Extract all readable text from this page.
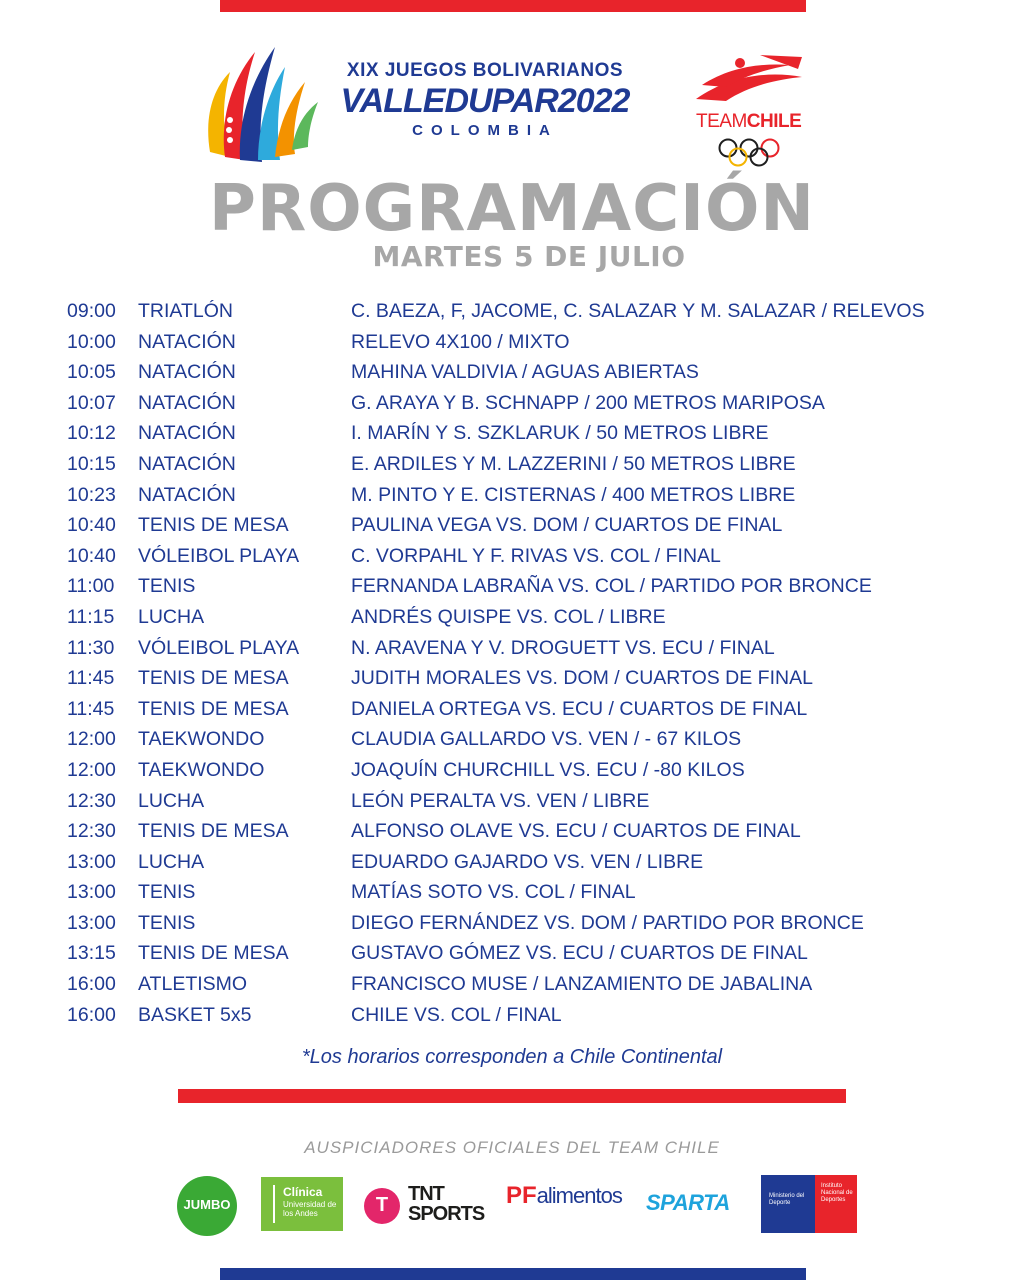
XIX JUEGOS BOLIVARIANOS
VALLEDUPAR2022
COLOMBIA	TEAMCHILE
PROGRAMACIÓN
MARTES 5 DE JULIO
09:00 TRIATLÓN	C. BAEZA, F, JACOME, C. SALAZAR Y M. SALAZAR / RELEVOS
10:00 NATACIÓN	RELEVO 4X100 / MIXTO
10:05 NATACIÓN	MAHINA VALDIVIA / AGUAS ABIERTAS
10:07 NATACIÓN	G. ARAYA Y B. SCHNAPP / 200 METROS MARIPOSA
10:12 NATACIÓN	I. MARÍN Y S. SZKLARUK / 50 METROS LIBRE
10:15 NATACIÓN	E. ARDILES Y M. LAZZERINI / 50 METROS LIBRE
10:23 NATACIÓN	M. PINTO Y E. CISTERNAS / 400 METROS LIBRE
10:40 TENIS DE MESA	PAULINA VEGA VS. DOM / CUARTOS DE FINAL
10:40 VÓLEIBOL PLAYA	C. VORPAHL Y F. RIVAS VS. COL / FINAL
11:00 TENIS	FERNANDA LABRAÑA VS. COL / PARTIDO POR BRONCE
11:15 LUCHA	ANDRÉS QUISPE VS. COL / LIBRE
11:30 VÓLEIBOL PLAYA	N. ARAVENA Y V. DROGUETT VS. ECU / FINAL
11:45 TENIS DE MESA	JUDITH MORALES VS. DOM / CUARTOS DE FINAL
11:45 TENIS DE MESA	DANIELA ORTEGA VS. ECU / CUARTOS DE FINAL
12:00 TAEKWONDO	CLAUDIA GALLARDO VS. VEN / - 67 KILOS
12:00 TAEKWONDO	JOAQUÍN CHURCHILL VS. ECU / -80 KILOS
12:30 LUCHA	LEÓN PERALTA VS. VEN / LIBRE
12:30 TENIS DE MESA	ALFONSO OLAVE VS. ECU / CUARTOS DE FINAL
13:00 LUCHA	EDUARDO GAJARDO VS. VEN / LIBRE
13:00 TENIS	MATÍAS SOTO VS. COL / FINAL
13:00 TENIS	DIEGO FERNÁNDEZ VS. DOM / PARTIDO POR BRONCE
13:15 TENIS DE MESA	GUSTAVO GÓMEZ VS. ECU / CUARTOS DE FINAL
16:00 ATLETISMO	FRANCISCO MUSE / LANZAMIENTO DE JABALINA
16:00 BASKET 5x5	CHILE VS. COL / FINAL
*Los horarios corresponden a Chile Continental
AUSPICIADORES OFICIALES DEL TEAM CHILE
JUMBO
Clínica
Universidad de los Andes	T TNT
SPORTS
PFalimentos SPARTA	Ministerio del Deporte
Instituto Nacional de Deportes
